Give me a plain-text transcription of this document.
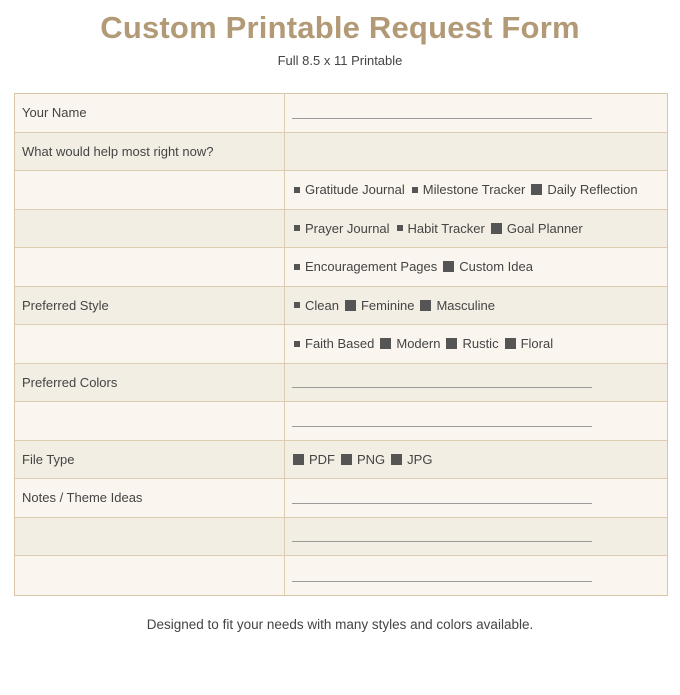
Custom Printable Request Form
Full 8.5 x 11 Printable
Your Name
What would help most right now?
Gratitude Journal Milestone Tracker Daily Reflection
Prayer Journal Habit Tracker Goal Planner
Encouragement Pages Custom Idea
Preferred Style	Clean Feminine Masculine
Faith Based Modern Rustic Floral
Preferred Colors
File Type	PDF PNG JPG
Notes / Theme Ideas
Designed to fit your needs with many styles and colors available.
